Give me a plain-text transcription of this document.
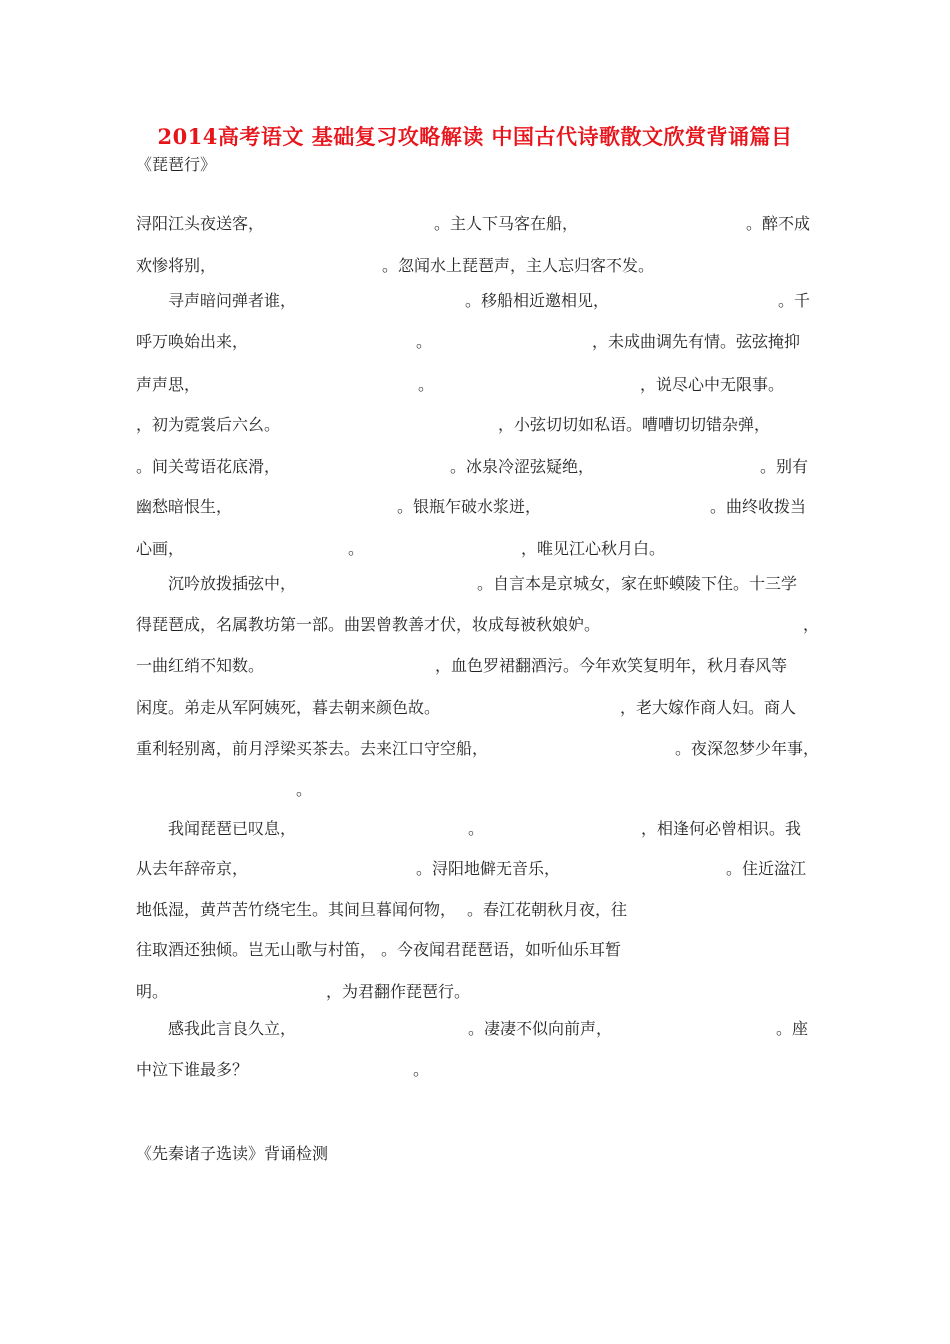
2014高考语文 基础复习攻略解读 中国古代诗歌散文欣赏背诵篇目
《琵琶行》
浔阳江头夜送客，	。主人下马客在船，	。醉不成
欢惨将别，	。忽闻水上琵琶声，主人忘归客不发。
寻声暗问弹者谁，	。移船相近邀相见，	。千
呼万唤始出来，	。	，未成曲调先有情。弦弦掩抑
声声思，	。	，说尽心中无限事。
，初为霓裳后六幺。	，小弦切切如私语。嘈嘈切切错杂弹，
。间关莺语花底滑，	。冰泉冷涩弦疑绝，	。别有
幽愁暗恨生，	。银瓶乍破水浆迸，	。曲终收拨当
心画，	。	，唯见江心秋月白。
沉吟放拨插弦中，	。自言本是京城女，家在虾蟆陵下住。十三学
得琵琶成，名属教坊第一部。曲罢曾教善才伏，妆成每被秋娘妒。	，
一曲红绡不知数。	，血色罗裙翻酒污。今年欢笑复明年，秋月春风等
闲度。弟走从军阿姨死，暮去朝来颜色故。	，老大嫁作商人妇。商人
重利轻别离，前月浮梁买茶去。去来江口守空船，	。夜深忽梦少年事，
。
我闻琵琶已叹息，	。	，相逢何必曾相识。我
从去年辞帝京，	。浔阳地僻无音乐，	。住近湓江
地低湿，黄芦苦竹绕宅生。其间旦暮闻何物， 。春江花朝秋月夜，往
往取酒还独倾。岂无山歌与村笛， 。今夜闻君琵琶语，如听仙乐耳暂
明。	，为君翻作琵琶行。
感我此言良久立，	。凄凄不似向前声，	。座
中泣下谁最多？	。
《先秦诸子选读》背诵检测
